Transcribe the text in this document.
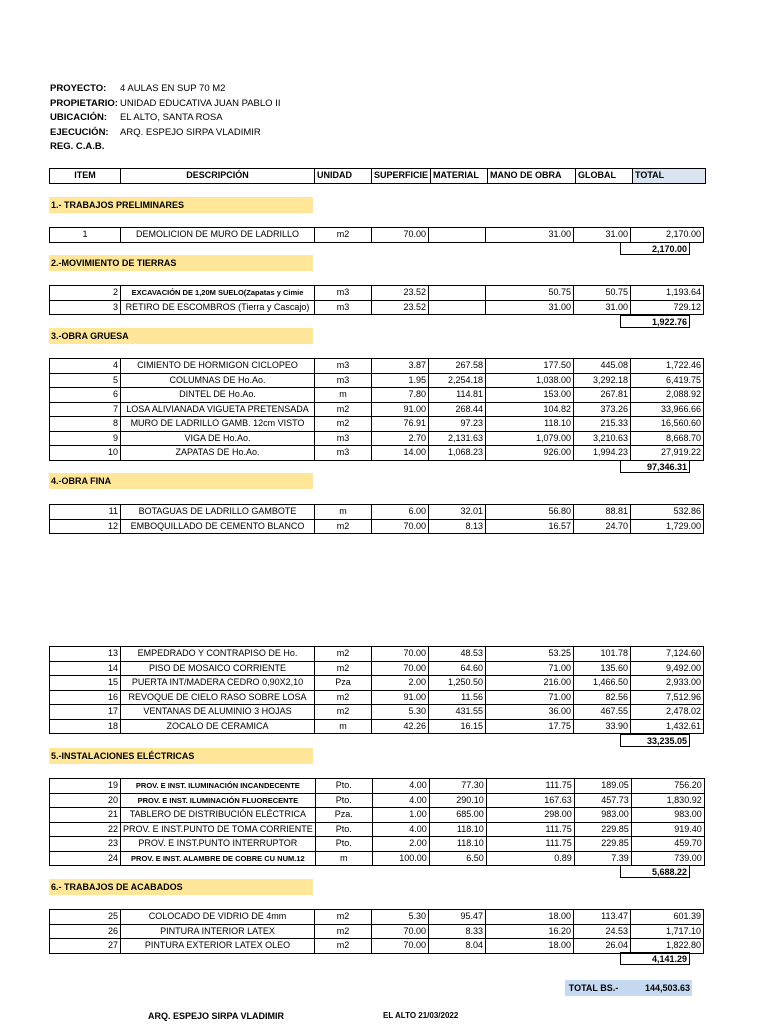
PROYECTO: 4 AULAS EN SUP 70 M2
PROPIETARIO: UNIDAD EDUCATIVA JUAN PABLO II
UBICACIÓN: EL ALTO, SANTA ROSA
EJECUCIÓN: ARQ. ESPEJO SIRPA VLADIMIR
REG. C.A.B.
ITEM	DESCRIPCIÓN	UNIDAD	SUPERFICIE	MATERIAL	MANO DE OBRA	GLOBAL	TOTAL
1.- TRABAJOS PRELIMINARES
1	DEMOLICION DE MURO DE LADRILLO	m2	70.00		31.00	31.00	2,170.00
2,170.00
2.-MOVIMIENTO DE TIERRAS
2	EXCAVACIÓN DE 1,20M SUELO(Zapatas y Cimie	m3	23.52		50.75	50.75	1,193.64
3	RETIRO DE ESCOMBROS (Tierra y Cascajo)	m3	23.52		31.00	31.00	729.12
1,922.76
3.-OBRA GRUESA
4	CIMIENTO DE HORMIGON CICLOPEO	m3	3.87	267.58	177.50	445.08	1,722.46
5	COLUMNAS DE Ho.Ao.	m3	1.95	2,254.18	1,038.00	3,292.18	6,419.75
6	DINTEL DE Ho.Ao.	m	7.80	114.81	153.00	267.81	2,088.92
7	LOSA ALIVIANADA VIGUETA PRETENSADA	m2	91.00	268.44	104.82	373.26	33,966.66
8	MURO DE LADRILLO GAMB. 12cm VISTO	m2	76.91	97.23	118.10	215.33	16,560.60
9	VIGA DE Ho.Ao.	m3	2.70	2,131.63	1,079.00	3,210.63	8,668.70
10	ZAPATAS DE Ho.Ao.	m3	14.00	1,068.23	926.00	1,994.23	27,919.22
97,346.31
4.-OBRA FINA
11	BOTAGUAS DE LADRILLO GAMBOTE	m	6.00	32.01	56.80	88.81	532.86
12	EMBOQUILLADO DE CEMENTO BLANCO	m2	70.00	8.13	16.57	24.70	1,729.00
13	EMPEDRADO Y CONTRAPISO DE Ho.	m2	70.00	48.53	53.25	101.78	7,124.60
14	PISO DE MOSAICO CORRIENTE	m2	70.00	64.60	71.00	135.60	9,492.00
15	PUERTA INT/MADERA CEDRO 0,90X2,10	Pza	2.00	1,250.50	216.00	1,466.50	2,933.00
16	REVOQUE DE CIELO RASO SOBRE LOSA	m2	91.00	11.56	71.00	82.56	7,512.96
17	VENTANAS DE ALUMINIO 3 HOJAS	m2	5.30	431.55	36.00	467.55	2,478.02
18	ZOCALO DE CERAMICA	m	42.26	16.15	17.75	33.90	1,432.61
33,235.05
5.-INSTALACIONES ELÉCTRICAS
19	PROV. E INST. ILUMINACIÓN INCANDECENTE	Pto.	4.00	77.30	111.75	189.05	756.20
20	PROV. E INST. ILUMINACIÓN FLUORECENTE	Pto.	4.00	290.10	167.63	457.73	1,830.92
21	TABLERO DE DISTRIBUCIÓN ELÉCTRICA	Pza.	1.00	685.00	298.00	983.00	983.00
22	PROV. E INST.PUNTO DE TOMA CORRIENTE	Pto.	4.00	118.10	111.75	229.85	919.40
23	PROV. E INST.PUNTO INTERRUPTOR	Pto.	2.00	118.10	111.75	229.85	459.70
24	PROV. E INST. ALAMBRE DE COBRE CU NUM.12	m	100.00	6.50	0.89	7.39	739.00
5,688.22
6.- TRABAJOS DE ACABADOS
25	COLOCADO DE VIDRIO DE 4mm	m2	5.30	95.47	18.00	113.47	601.39
26	PINTURA INTERIOR LATEX	m2	70.00	8.33	16.20	24.53	1,717.10
27	PINTURA EXTERIOR LATEX OLEO	m2	70.00	8.04	18.00	26.04	1,822.80
4,141.29
TOTAL BS.-	144,503.63
ARQ. ESPEJO SIRPA VLADIMIR	EL ALTO 21/03/2022
